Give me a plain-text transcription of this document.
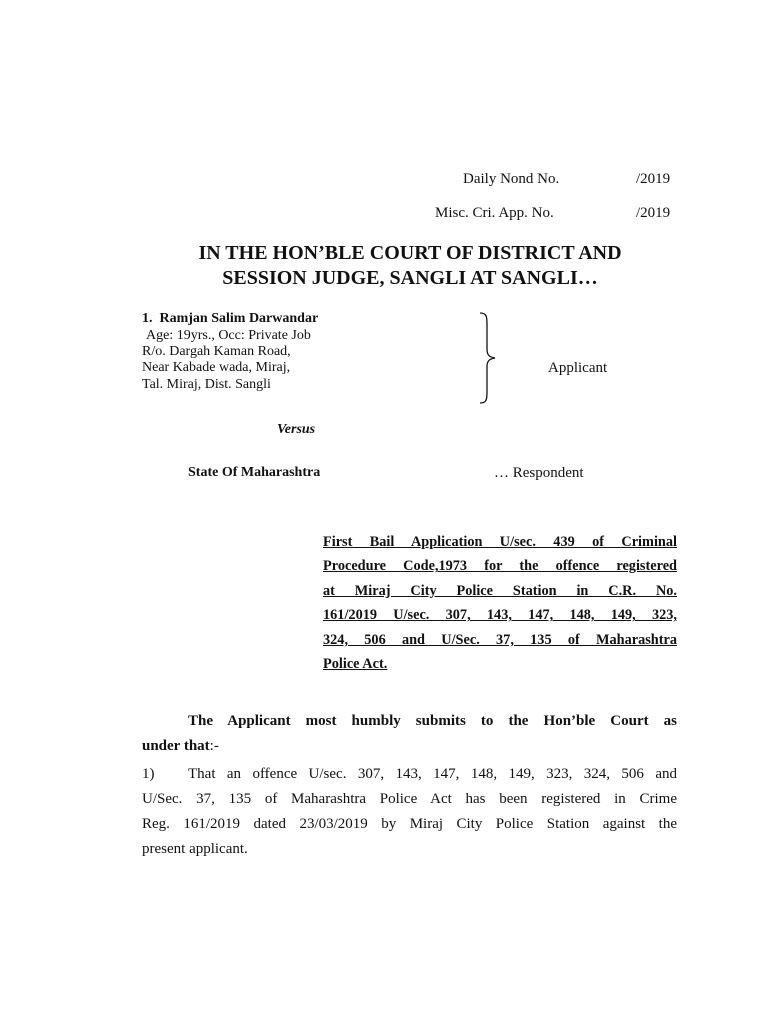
Daily Nond No.	/2019
Misc. Cri. App. No.	/2019
IN THE HON’BLE COURT OF DISTRICT AND
SESSION JUDGE, SANGLI AT SANGLI…
1. Ramjan Salim Darwandar
Age: 19yrs., Occ: Private Job
R/o. Dargah Kaman Road,
Near Kabade wada, Miraj,
Tal. Miraj, Dist. Sangli
Applicant
Versus
State Of Maharashtra	… Respondent
First Bail Application U/sec. 439 of Criminal
Procedure Code,1973 for the offence registered
at Miraj City Police Station in C.R. No.
161/2019 U/sec. 307, 143, 147, 148, 149, 323,
324, 506 and U/Sec. 37, 135 of Maharashtra
Police Act.
The Applicant most humbly submits to the Hon’ble Court as
under that:-
1) That an offence U/sec. 307, 143, 147, 148, 149, 323, 324, 506 and
U/Sec. 37, 135 of Maharashtra Police Act has been registered in Crime
Reg. 161/2019 dated 23/03/2019 by Miraj City Police Station against the
present applicant.
